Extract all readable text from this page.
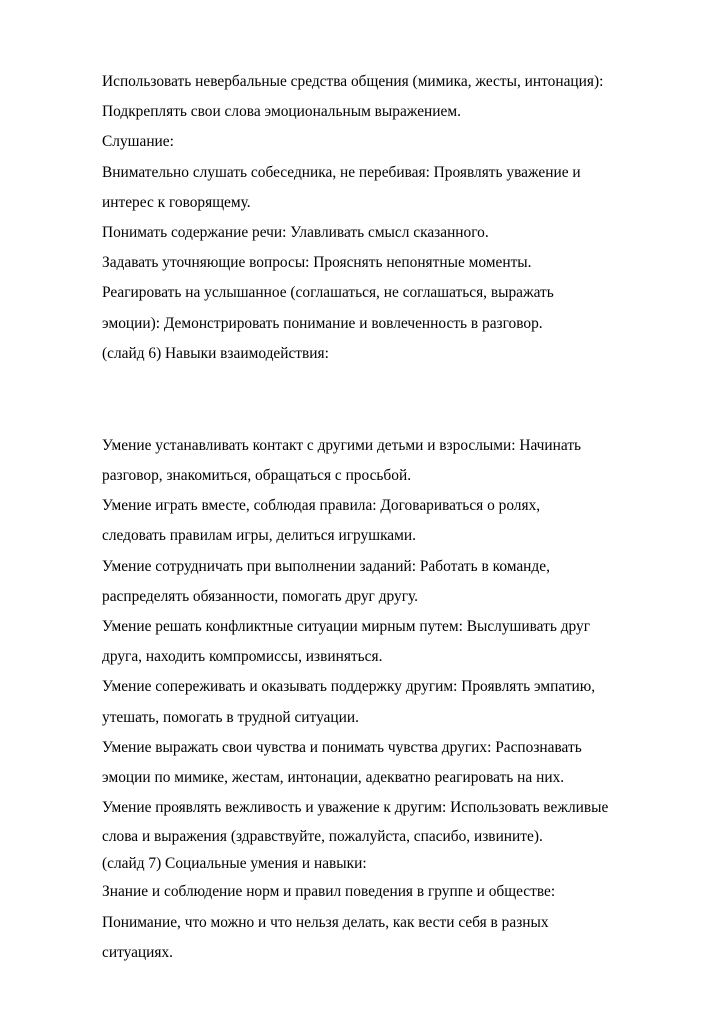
Использовать невербальные средства общения (мимика, жесты, интонация):
Подкреплять свои слова эмоциональным выражением.
Слушание:
Внимательно слушать собеседника, не перебивая: Проявлять уважение и
интерес к говорящему.
Понимать содержание речи: Улавливать смысл сказанного.
Задавать уточняющие вопросы: Прояснять непонятные моменты.
Реагировать на услышанное (соглашаться, не соглашаться, выражать
эмоции): Демонстрировать понимание и вовлеченность в разговор.
(слайд 6) Навыки взаимодействия:
Умение устанавливать контакт с другими детьми и взрослыми: Начинать
разговор, знакомиться, обращаться с просьбой.
Умение играть вместе, соблюдая правила: Договариваться о ролях,
следовать правилам игры, делиться игрушками.
Умение сотрудничать при выполнении заданий: Работать в команде,
распределять обязанности, помогать друг другу.
Умение решать конфликтные ситуации мирным путем: Выслушивать друг
друга, находить компромиссы, извиняться.
Умение сопереживать и оказывать поддержку другим: Проявлять эмпатию,
утешать, помогать в трудной ситуации.
Умение выражать свои чувства и понимать чувства других: Распознавать
эмоции по мимике, жестам, интонации, адекватно реагировать на них.
Умение проявлять вежливость и уважение к другим: Использовать вежливые
слова и выражения (здравствуйте, пожалуйста, спасибо, извините).
(слайд 7) Социальные умения и навыки:
Знание и соблюдение норм и правил поведения в группе и обществе:
Понимание, что можно и что нельзя делать, как вести себя в разных
ситуациях.
